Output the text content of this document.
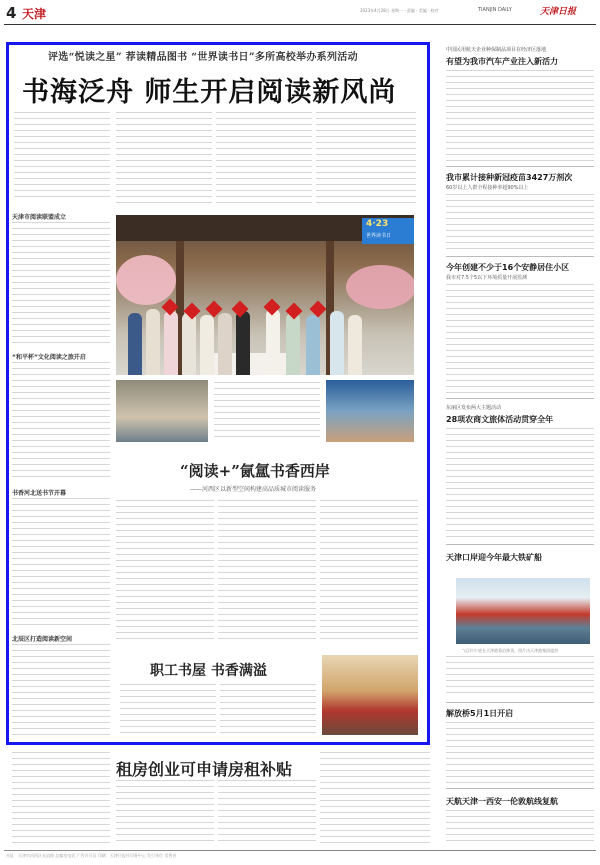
4 天津	2023年4月28日 星期一 · 责编 · 美编 · 校对	TIANJIN DAILY	天津日报
评选“悦读之星” 荐读精品图书 “世界读书日”多所高校举办系列活动
书海泛舟 师生开启阅读新风尚
天津市阅读联盟成立
“和平杯”文化阅读之旅开启
书香河北送书节开幕
北辰区打造阅读新空间
4·23
世界读书日
“阅读+”氤氲书香西岸
——河西区以新型空间构建高品质城市阅读服务
职工书屋 书香满溢
租房创业可申请房租补贴
中国民用航天企业种保制品项目在经济区落地
有望为我市汽车产业注入新活力
我市累计接种新冠疫苗3427万剂次
60岁以上人群全程接种率超90%以上
今年创建不少于16个安静居住小区
我市对7.5个5以下环境质量开展监测
东丽区发布两大主题活动
28项农商文旅体活动贯穿全年
天津口岸迎今年最大铁矿船
“远洋川”轮在天津港靠泊卸货。图片由天津港集团提供
解放桥5月1日开启
天航天津一西安一伦敦航线复航
社址：天津市河西区友谊路 总编室电话 广告许可证 印刷：天津日报社印务中心 发行单位 零售价
